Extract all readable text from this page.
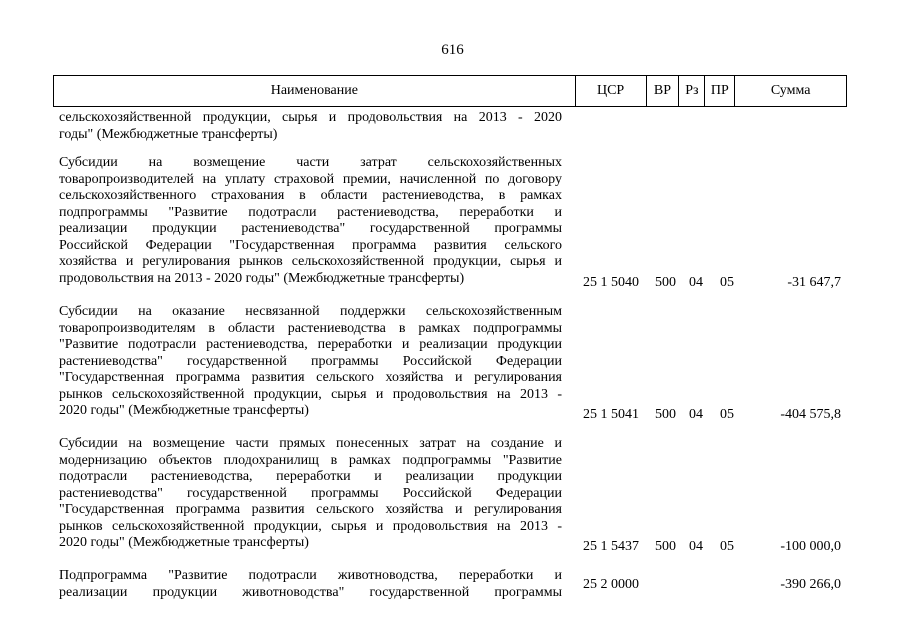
616
Наименование	ЦСР	ВР	Рз ПР	Сумма
сельскохозяйственной продукции, сырья и продовольствия на 2013 - 2020
годы" (Межбюджетные трансферты)
Субсидии на возмещение части затрат сельскохозяйственных
товаропроизводителей на уплату страховой премии, начисленной по договору
сельскохозяйственного страхования в области растениеводства, в рамках
подпрограммы "Развитие подотрасли растениеводства, переработки и
реализации продукции растениеводства" государственной программы
Российской Федерации "Государственная программа развития сельского
хозяйства и регулирования рынков сельскохозяйственной продукции, сырья и
продовольствия на 2013 - 2020 годы" (Межбюджетные трансферты)	25 1 5040 500 04 05	-31 647,7
Субсидии на оказание несвязанной поддержки сельскохозяйственным
товаропроизводителям в области растениеводства в рамках подпрограммы
"Развитие подотрасли растениеводства, переработки и реализации продукции
растениеводства" государственной программы Российской Федерации
"Государственная программа развития сельского хозяйства и регулирования
рынков сельскохозяйственной продукции, сырья и продовольствия на 2013 -
2020 годы" (Межбюджетные трансферты)	25 1 5041 500 04 05	-404 575,8
Субсидии на возмещение части прямых понесенных затрат на создание и
модернизацию объектов плодохранилищ в рамках подпрограммы "Развитие
подотрасли растениеводства, переработки и реализации продукции
растениеводства" государственной программы Российской Федерации
"Государственная программа развития сельского хозяйства и регулирования
рынков сельскохозяйственной продукции, сырья и продовольствия на 2013 -
2020 годы" (Межбюджетные трансферты)	25 1 5437 500 04 05	-100 000,0
Подпрограмма "Развитие подотрасли животноводства, переработки и
реализации продукции животноводства" государственной программы 25 2 0000	-390 266,0
